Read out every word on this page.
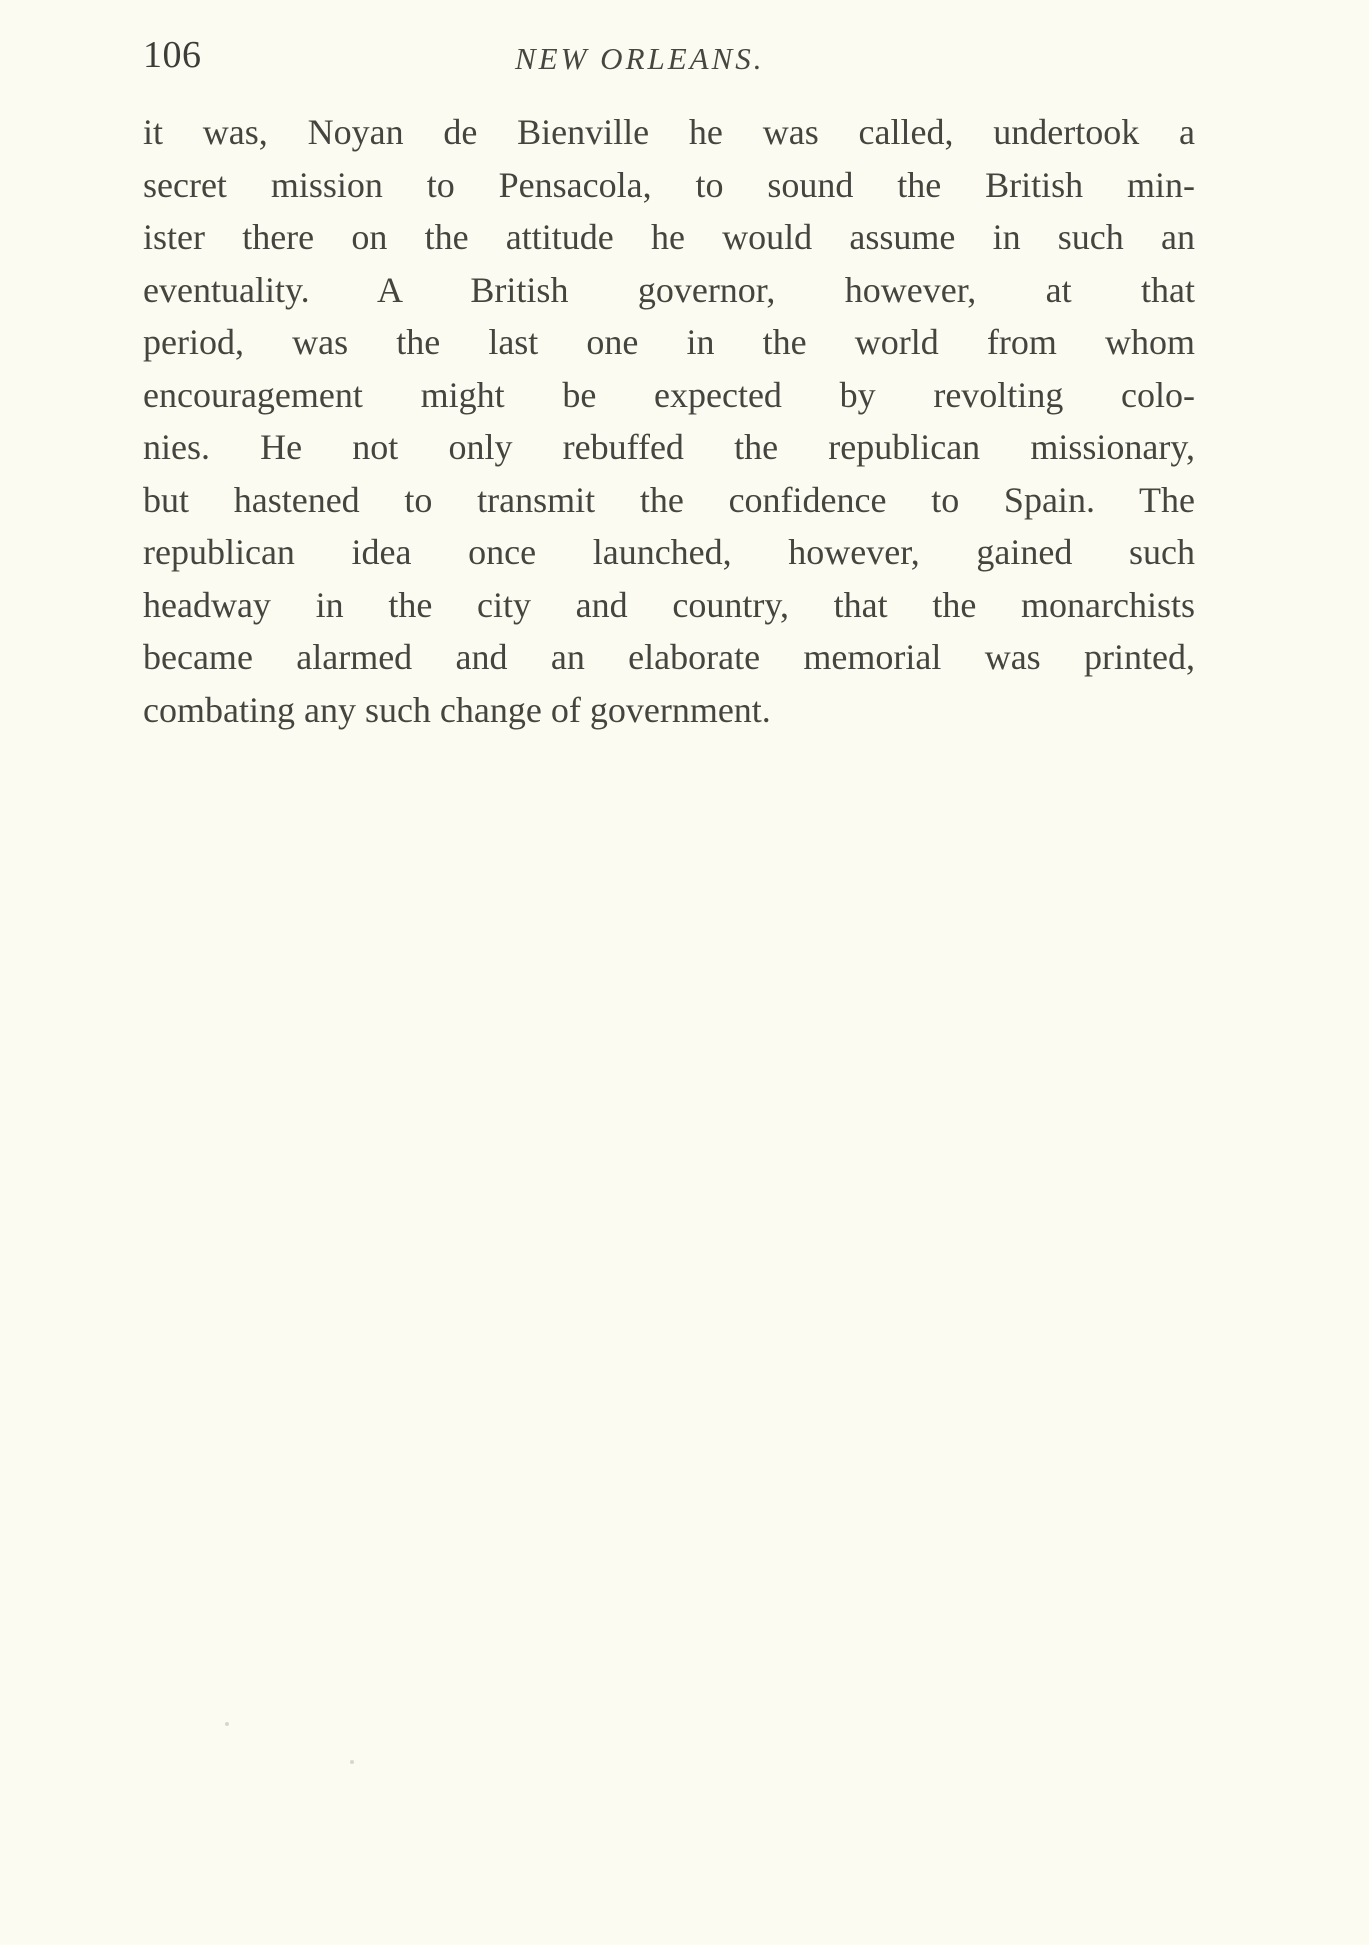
106	NEW ORLEANS.
it was, Noyan de Bienville he was called, undertook a
secret mission to Pensacola, to sound the British min-
ister there on the attitude he would assume in such an
eventuality. A British governor, however, at that
period, was the last one in the world from whom
encouragement might be expected by revolting colo-
nies. He not only rebuffed the republican missionary,
but hastened to transmit the confidence to Spain. The
republican idea once launched, however, gained such
headway in the city and country, that the monarchists
became alarmed and an elaborate memorial was printed,
combating any such change of government.
